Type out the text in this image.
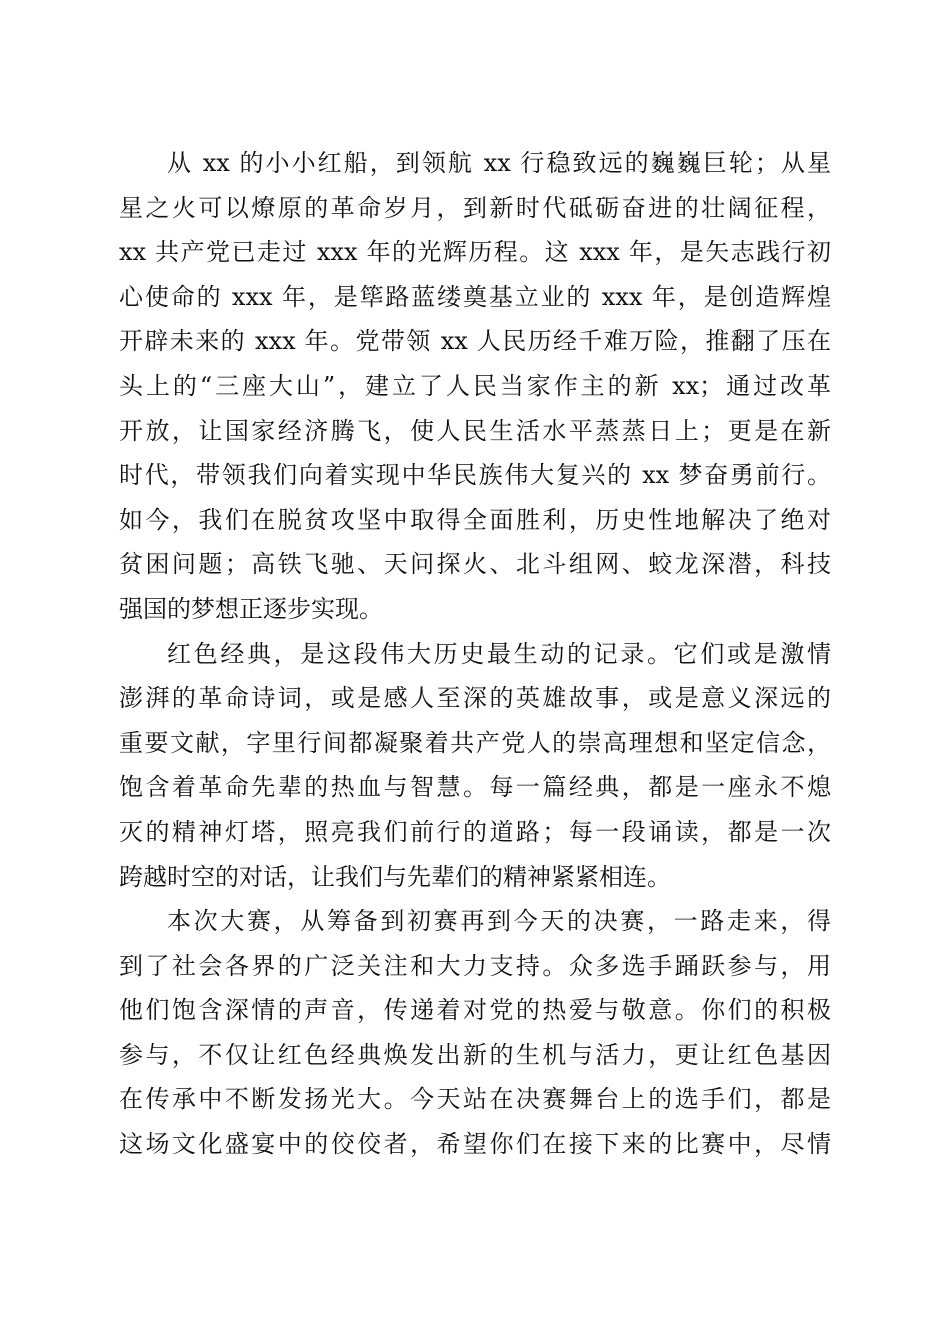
从 xx 的小小红船，到领航 xx 行稳致远的巍巍巨轮；从星
星之火可以燎原的革命岁月，到新时代砥砺奋进的壮阔征程，
xx 共产党已走过 xxx 年的光辉历程。这 xxx 年，是矢志践行初
心使命的 xxx 年，是筚路蓝缕奠基立业的 xxx 年，是创造辉煌
开辟未来的 xxx 年。党带领 xx 人民历经千难万险，推翻了压在
头上的“三座大山”，建立了人民当家作主的新 xx；通过改革
开放，让国家经济腾飞，使人民生活水平蒸蒸日上；更是在新
时代，带领我们向着实现中华民族伟大复兴的 xx 梦奋勇前行。
如今，我们在脱贫攻坚中取得全面胜利，历史性地解决了绝对
贫困问题；高铁飞驰、天问探火、北斗组网、蛟龙深潜，科技
强国的梦想正逐步实现。
红色经典，是这段伟大历史最生动的记录。它们或是激情
澎湃的革命诗词，或是感人至深的英雄故事，或是意义深远的
重要文献，字里行间都凝聚着共产党人的崇高理想和坚定信念，
饱含着革命先辈的热血与智慧。每一篇经典，都是一座永不熄
灭的精神灯塔，照亮我们前行的道路；每一段诵读，都是一次
跨越时空的对话，让我们与先辈们的精神紧紧相连。
本次大赛，从筹备到初赛再到今天的决赛，一路走来，得
到了社会各界的广泛关注和大力支持。众多选手踊跃参与，用
他们饱含深情的声音，传递着对党的热爱与敬意。你们的积极
参与，不仅让红色经典焕发出新的生机与活力，更让红色基因
在传承中不断发扬光大。今天站在决赛舞台上的选手们，都是
这场文化盛宴中的佼佼者，希望你们在接下来的比赛中，尽情
